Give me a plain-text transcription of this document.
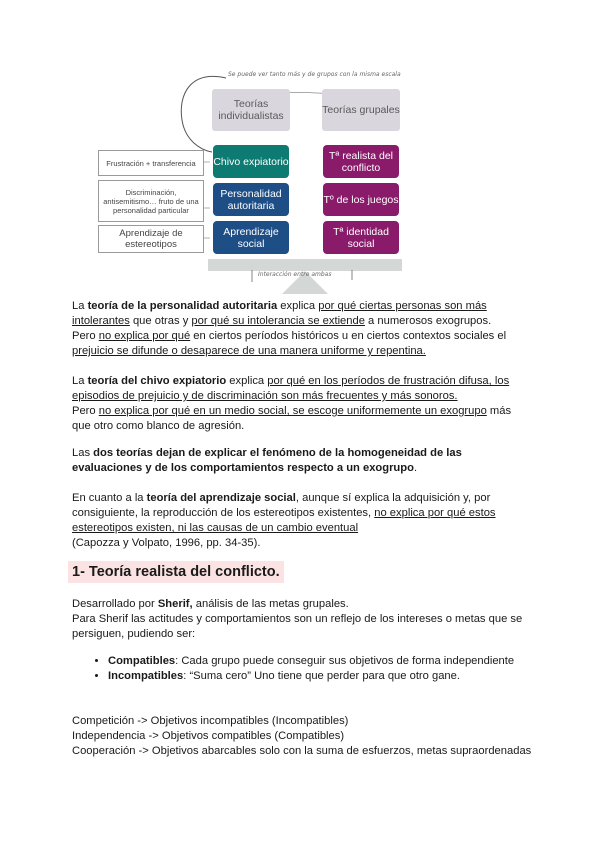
Se puede ver tanto más y de grupos con la misma escala
Teorías individualistas	Teorías grupales
Chivo expiatorio
Personalidad autoritaria
Aprendizaje social
Tª realista del conflicto
Tº de los juegos
Tª identidad social
Frustración + transferencia
Discriminación, antisemitismo… fruto de una personalidad particular
Aprendizaje de estereotipos
Interacción entre ambas
La teoría de la personalidad autoritaria explica por qué ciertas personas son más intolerantes que otras y por qué su intolerancia se extiende a numerosos exogrupos.
Pero no explica por qué en ciertos períodos históricos u en ciertos contextos sociales el prejuicio se difunde o desaparece de una manera uniforme y repentina.
La teoría del chivo expiatorio explica por qué en los períodos de frustración difusa, los episodios de prejuicio y de discriminación son más frecuentes y más sonoros.
Pero no explica por qué en un medio social, se escoge uniformemente un exogrupo más que otro como blanco de agresión.
Las dos teorías dejan de explicar el fenómeno de la homogeneidad de las evaluaciones y de los comportamientos respecto a un exogrupo.
En cuanto a la teoría del aprendizaje social, aunque sí explica la adquisición y, por consiguiente, la reproducción de los estereotipos existentes, no explica por qué estos estereotipos existen, ni las causas de un cambio eventual
(Capozza y Volpato, 1996, pp. 34-35).
1- Teoría realista del conflicto.
Desarrollado por Sherif, análisis de las metas grupales.
Para Sherif las actitudes y comportamientos son un reflejo de los intereses o metas que se persiguen, pudiendo ser:
• Compatibles: Cada grupo puede conseguir sus objetivos de forma independiente
• Incompatibles: “Suma cero” Uno tiene que perder para que otro gane.
Competición -> Objetivos incompatibles (Incompatibles)
Independencia -> Objetivos compatibles (Compatibles)
Cooperación -> Objetivos abarcables solo con la suma de esfuerzos, metas supraordenadas
